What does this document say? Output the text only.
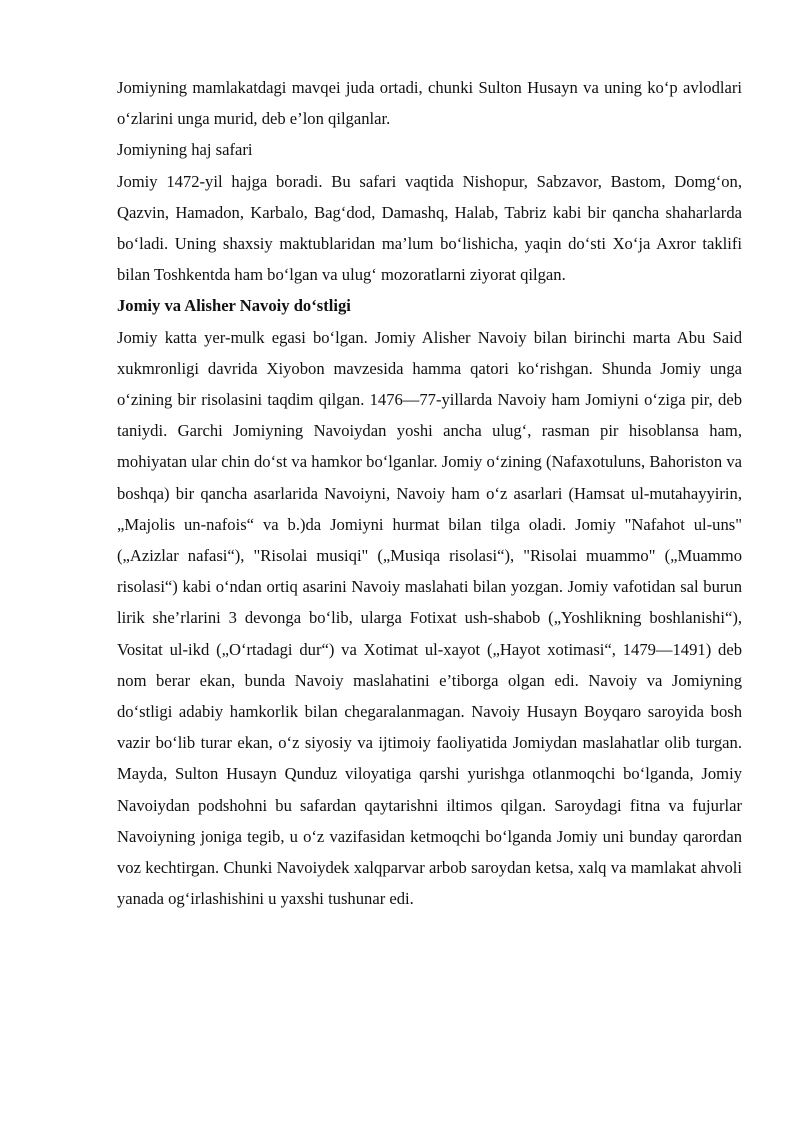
Jomiyning mamlakatdagi mavqei juda ortadi, chunki Sulton Husayn va uning ko‘p avlodlari o‘zlarini unga murid, deb e’lon qilganlar.

Jomiyning haj safari

Jomiy 1472-yil hajga boradi. Bu safari vaqtida Nishopur, Sabzavor, Bastom, Domg‘on, Qazvin, Hamadon, Karbalo, Bag‘dod, Damashq, Halab, Tabriz kabi bir qancha shaharlarda bo‘ladi. Uning shaxsiy maktublaridan ma’lum bo‘lishicha, yaqin do‘sti Xo‘ja Axror taklifi bilan Toshkentda ham bo‘lgan va ulug‘ mozoratlarni ziyorat qilgan.

Jomiy va Alisher Navoiy do‘stligi

Jomiy katta yer-mulk egasi bo‘lgan. Jomiy Alisher Navoiy bilan birinchi marta Abu Said xukmronligi davrida Xiyobon mavzesida hamma qatori ko‘rishgan. Shunda Jomiy unga o‘zining bir risolasini taqdim qilgan. 1476—77-yillarda Navoiy ham Jomiyni o‘ziga pir, deb taniydi. Garchi Jomiyning Navoiydan yoshi ancha ulug‘, rasman pir hisoblansa ham, mohiyatan ular chin do‘st va hamkor bo‘lganlar. Jomiy o‘zining (Nafaxotuluns, Bahoriston va boshqa) bir qancha asarlarida Navoiyni, Navoiy ham o‘z asarlari (Hamsat ul-mutahayyirin, „Majolis un-nafois“ va b.)da Jomiyni hurmat bilan tilga oladi. Jomiy "Nafahot ul-uns" („Azizlar nafasi“), "Risolai musiqi" („Musiqa risolasi“), "Risolai muammo" („Muammo risolasi“) kabi o‘ndan ortiq asarini Navoiy maslahati bilan yozgan. Jomiy vafotidan sal burun lirik she’rlarini 3 devonga bo‘lib, ularga Fotixat ush-shabob („Yoshlikning boshlanishi“), Vositat ul-ikd („O‘rtadagi dur“) va Xotimat ul-xayot („Hayot xotimasi“, 1479—1491) deb nom berar ekan, bunda Navoiy maslahatini e’tiborga olgan edi. Navoiy va Jomiyning do‘stligi adabiy hamkorlik bilan chegaralanmagan. Navoiy Husayn Boyqaro saroyida bosh vazir bo‘lib turar ekan, o‘z siyosiy va ijtimoiy faoliyatida Jomiydan maslahatlar olib turgan. Mayda, Sulton Husayn Qunduz viloyatiga qarshi yurishga otlanmoqchi bo‘lganda, Jomiy Navoiydan podshohni bu safardan qaytarishni iltimos qilgan. Saroydagi fitna va fujurlar Navoiyning joniga tegib, u o‘z vazifasidan ketmoqchi bo‘lganda Jomiy uni bunday qarordan voz kechtirgan. Chunki Navoiydek xalqparvar arbob saroydan ketsa, xalq va mamlakat ahvoli yanada og‘irlashishini u yaxshi tushunar edi.
